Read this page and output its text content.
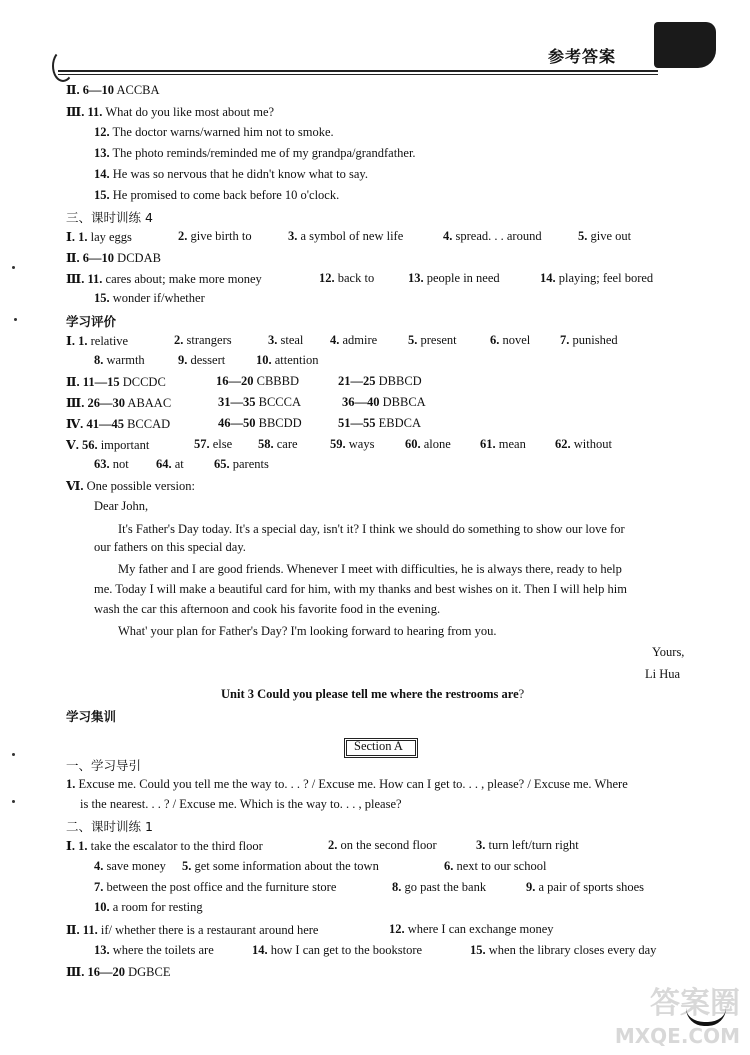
参考答案
Ⅱ. 6—10 ACCBA
Ⅲ. 11. What do you like most about me?
12. The doctor warns/warned him not to smoke.
13. The photo reminds/reminded me of my grandpa/grandfather.
14. He was so nervous that he didn't know what to say.
15. He promised to come back before 10 o'clock.
三、课时训练 4
Ⅰ. 1. lay eggs	2. give birth to	3. a symbol of new life	4. spread. . . around	5. give out
Ⅱ. 6—10 DCDAB
Ⅲ. 11. cares about; make more money	12. back to	13. people in need	14. playing; feel bored
15. wonder if/whether
学习评价
Ⅰ. 1. relative	2. strangers	3. steal 4. admire 5. present	6. novel 7. punished
8. warmth	9. dessert 10. attention
Ⅱ. 11—15 DCCDC	16—20 CBBBD	21—25 DBBCD
Ⅲ. 26—30 ABAAC	31—35 BCCCA	36—40 DBBCA
Ⅳ. 41—45 BCCAD	46—50 BBCDD	51—55 EBDCA
Ⅴ. 56. important	57. else 58. care	59. ways 60. alone 61. mean 62. without
63. not 64. at 65. parents
Ⅵ. One possible version:
Dear John,
It's Father's Day today. It's a special day, isn't it? I think we should do something to show our love for
our fathers on this special day.
My father and I are good friends. Whenever I meet with difficulties, he is always there, ready to help
me. Today I will make a beautiful card for him, with my thanks and best wishes on it. Then I will help him
wash the car this afternoon and cook his favorite food in the evening.
What' your plan for Father's Day? I'm looking forward to hearing from you.
Yours,
Li Hua
Unit 3 Could you please tell me where the restrooms are?
学习集训
一、学习导引
1. Excuse me. Could you tell me the way to. . . ? / Excuse me. How can I get to. . . , please? / Excuse me. Where
is the nearest. . . ? / Excuse me. Which is the way to. . . , please?
二、课时训练 1
Ⅰ. 1. take the escalator to the third floor	2. on the second floor	3. turn left/turn right
4. save money 5. get some information about the town	6. next to our school
7. between the post office and the furniture store	8. go past the bank	9. a pair of sports shoes
10. a room for resting
Ⅱ. 11. if/ whether there is a restaurant around here	12. where I can exchange money
13. where the toilets are	14. how I can get to the bookstore	15. when the library closes every day
Ⅲ. 16—20 DGBCE
Section A
答案圈
MXQE.COM
